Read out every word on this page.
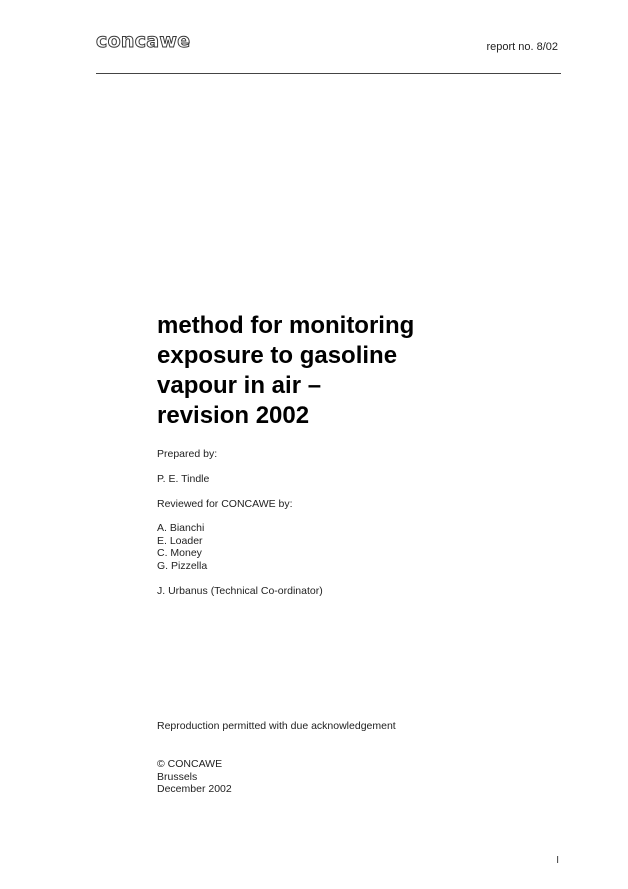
concawe	report no. 8/02
method for monitoring
exposure to gasoline
vapour in air –
revision 2002
Prepared by:
P. E. Tindle
Reviewed for CONCAWE by:
A. Bianchi
E. Loader
C. Money
G. Pizzella
J. Urbanus (Technical Co-ordinator)
Reproduction permitted with due acknowledgement
© CONCAWE
Brussels
December 2002
I
